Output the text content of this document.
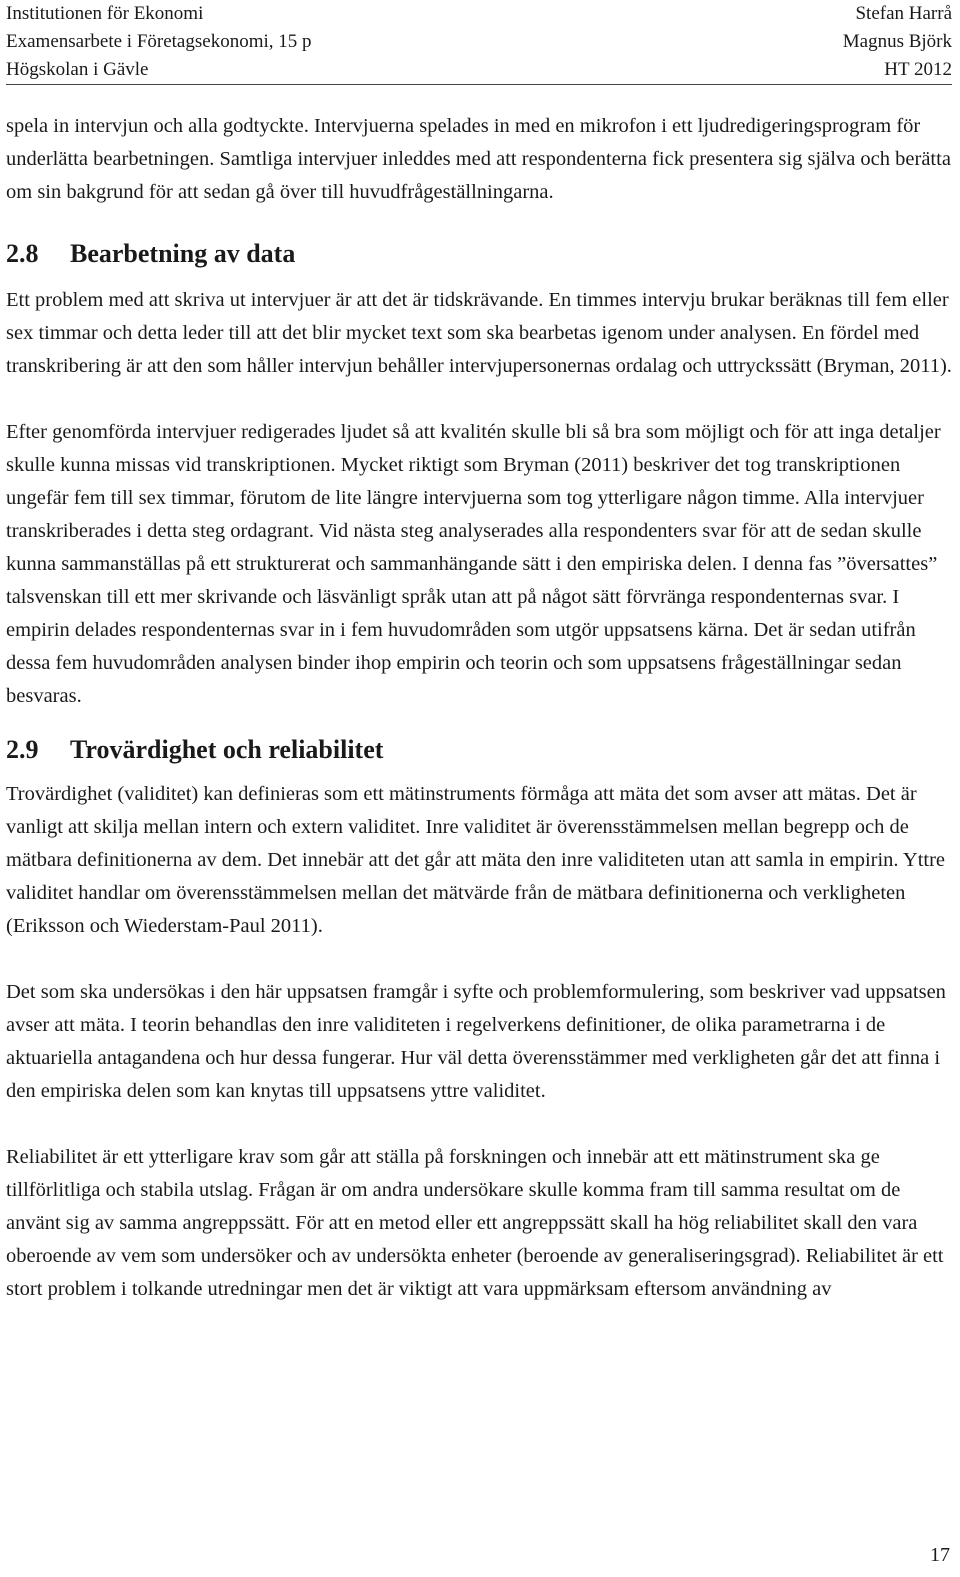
Institutionen för Ekonomi	Stefan Harrå
Examensarbete i Företagsekonomi, 15 p	Magnus Björk
Högskolan i Gävle	HT 2012

spela in intervjun och alla godtyckte. Intervjuerna spelades in med en mikrofon i ett ljudredigeringsprogram för underlätta bearbetningen. Samtliga intervjuer inleddes med att respondenterna fick presentera sig själva och berätta om sin bakgrund för att sedan gå över till huvudfrågeställningarna.

2.8	Bearbetning av data

Ett problem med att skriva ut intervjuer är att det är tidskrävande. En timmes intervju brukar beräknas till fem eller sex timmar och detta leder till att det blir mycket text som ska bearbetas igenom under analysen. En fördel med transkribering är att den som håller intervjun behåller intervjupersonernas ordalag och uttryckssätt (Bryman, 2011).

Efter genomförda intervjuer redigerades ljudet så att kvalitén skulle bli så bra som möjligt och för att inga detaljer skulle kunna missas vid transkriptionen. Mycket riktigt som Bryman (2011) beskriver det tog transkriptionen ungefär fem till sex timmar, förutom de lite längre intervjuerna som tog ytterligare någon timme. Alla intervjuer transkriberades i detta steg ordagrant. Vid nästa steg analyserades alla respondenters svar för att de sedan skulle kunna sammanställas på ett strukturerat och sammanhängande sätt i den empiriska delen. I denna fas ”översattes” talsvenskan till ett mer skrivande och läsvänligt språk utan att på något sätt förvränga respondenternas svar. I empirin delades respondenternas svar in i fem huvudområden som utgör uppsatsens kärna. Det är sedan utifrån dessa fem huvudområden analysen binder ihop empirin och teorin och som uppsatsens frågeställningar sedan besvaras.

2.9	Trovärdighet och reliabilitet

Trovärdighet (validitet) kan definieras som ett mätinstruments förmåga att mäta det som avser att mätas. Det är vanligt att skilja mellan intern och extern validitet. Inre validitet är överensstämmelsen mellan begrepp och de mätbara definitionerna av dem. Det innebär att det går att mäta den inre validiteten utan att samla in empirin. Yttre validitet handlar om överensstämmelsen mellan det mätvärde från de mätbara definitionerna och verkligheten (Eriksson och Wiederstam-Paul 2011).

Det som ska undersökas i den här uppsatsen framgår i syfte och problemformulering, som beskriver vad uppsatsen avser att mäta. I teorin behandlas den inre validiteten i regelverkens definitioner, de olika parametrarna i de aktuariella antagandena och hur dessa fungerar. Hur väl detta överensstämmer med verkligheten går det att finna i den empiriska delen som kan knytas till uppsatsens yttre validitet.

Reliabilitet är ett ytterligare krav som går att ställa på forskningen och innebär att ett mätinstrument ska ge tillförlitliga och stabila utslag. Frågan är om andra undersökare skulle komma fram till samma resultat om de använt sig av samma angreppssätt. För att en metod eller ett angreppssätt skall ha hög reliabilitet skall den vara oberoende av vem som undersöker och av undersökta enheter (beroende av generaliseringsgrad). Reliabilitet är ett stort problem i tolkande utredningar men det är viktigt att vara uppmärksam eftersom användning av

17
